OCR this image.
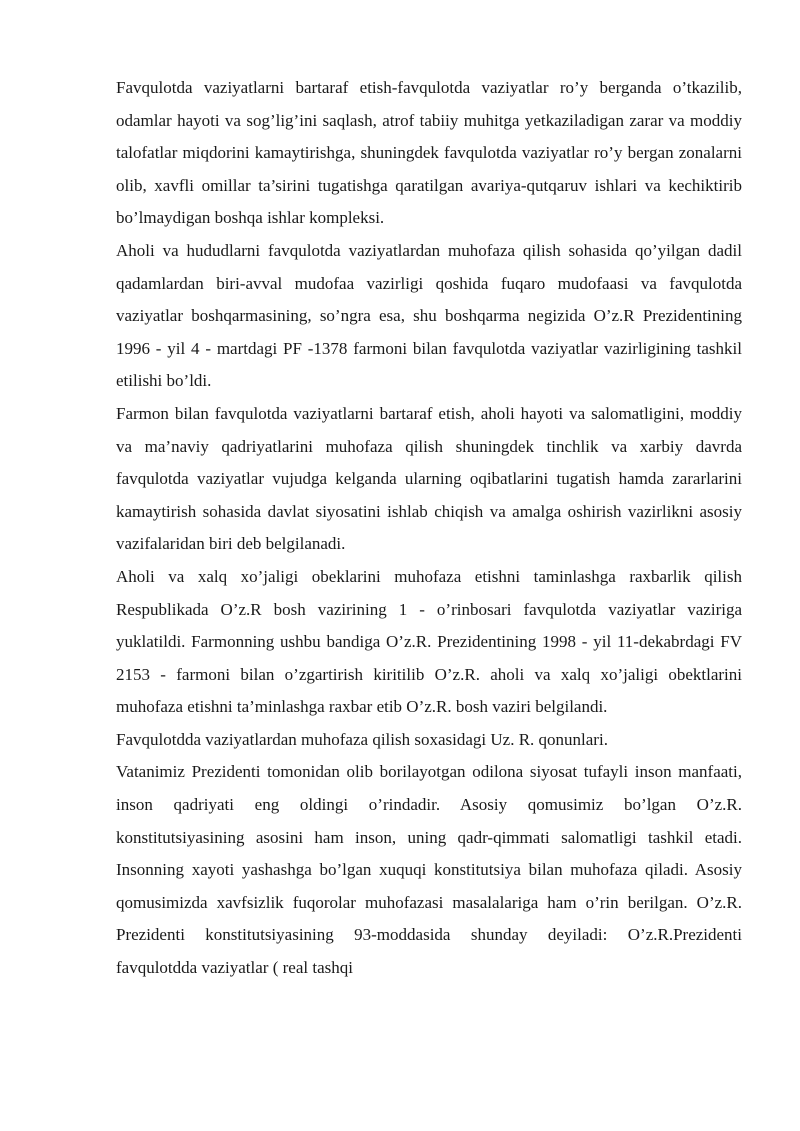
Favqulotda vaziyatlarni bartaraf etish-favqulotda vaziyatlar ro’y berganda o’tkazilib, odamlar hayoti va sog’lig’ini saqlash, atrof tabiiy muhitga yetkaziladigan zarar va moddiy talofatlar miqdorini kamaytirishga, shuningdek favqulotda vaziyatlar ro’y bergan zonalarni olib, xavfli omillar ta’sirini tugatishga qaratilgan avariya-qutqaruv ishlari va kechiktirib bo’lmaydigan boshqa ishlar kompleksi.

Aholi va hududlarni favqulotda vaziyatlardan muhofaza qilish sohasida qo’yilgan dadil qadamlardan biri-avval mudofaa vazirligi qoshida fuqaro mudofaasi va favqulotda vaziyatlar boshqarmasining, so’ngra esa, shu boshqarma negizida O’z.R Prezidentining 1996 - yil 4 - martdagi PF -1378 farmoni bilan favqulotda vaziyatlar vazirligining tashkil etilishi bo’ldi.

Farmon bilan favqulotda vaziyatlarni bartaraf etish, aholi hayoti va salomatligini, moddiy va ma’naviy qadriyatlarini muhofaza qilish shuningdek tinchlik va xarbiy davrda favqulotda vaziyatlar vujudga kelganda ularning oqibatlarini tugatish hamda zararlarini kamaytirish sohasida davlat siyosatini ishlab chiqish va amalga oshirish vazirlikni asosiy vazifalaridan biri deb belgilanadi.

Aholi va xalq xo’jaligi obeklarini muhofaza etishni taminlashga raxbarlik qilish Respublikada O’z.R bosh vazirining 1 - o’rinbosari favqulotda vaziyatlar vaziriga yuklatildi. Farmonning ushbu bandiga O’z.R. Prezidentining 1998 - yil 11-dekabrdagi FV 2153 - farmoni bilan o’zgartirish kiritilib O’z.R. aholi va xalq xo’jaligi obektlarini muhofaza etishni ta’minlashga raxbar etib O’z.R. bosh vaziri belgilandi.

Favqulotdda vaziyatlardan muhofaza qilish soxasidagi Uz. R. qonunlari.

Vatanimiz Prezidenti tomonidan olib borilayotgan odilona siyosat tufayli inson manfaati, inson qadriyati eng oldingi o’rindadir. Asosiy qomusimiz bo’lgan O’z.R. konstitutsiyasining asosini ham inson, uning qadr-qimmati salomatligi tashkil etadi. Insonning xayoti yashashga bo’lgan xuquqi konstitutsiya bilan muhofaza qiladi. Asosiy qomusimizda xavfsizlik fuqorolar muhofazasi masalalariga ham o’rin berilgan. O’z.R. Prezidenti konstitutsiyasining 93-moddasida shunday deyiladi: O’z.R.Prezidenti favqulotdda vaziyatlar ( real tashqi
